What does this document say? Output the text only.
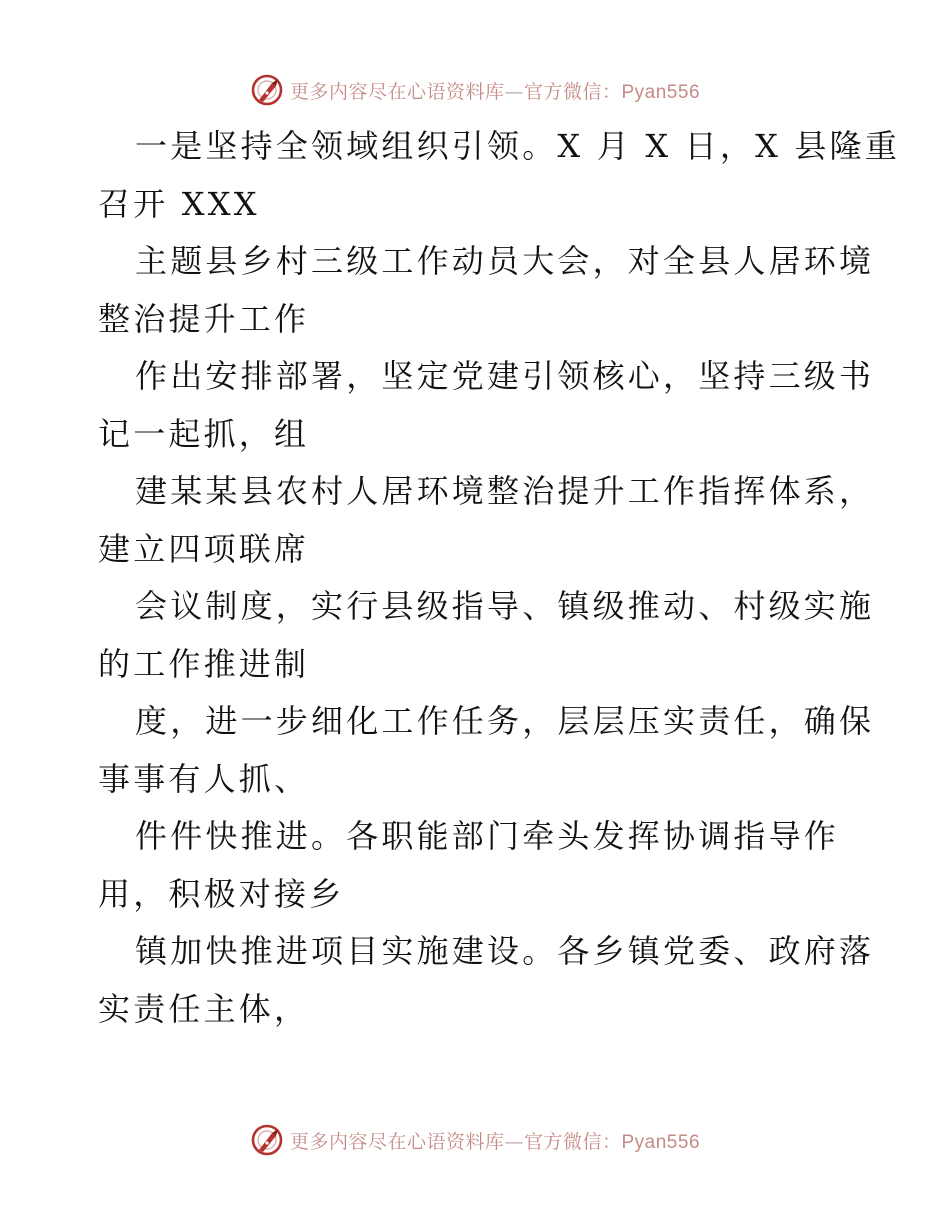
更多内容尽在心语资料库—官方微信：Pyan556
一是坚持全领域组织引领。X 月 X 日，X 县隆重
召开 XXX
主题县乡村三级工作动员大会，对全县人居环境
整治提升工作
作出安排部署，坚定党建引领核心，坚持三级书
记一起抓，组
建某某县农村人居环境整治提升工作指挥体系，
建立四项联席
会议制度，实行县级指导、镇级推动、村级实施
的工作推进制
度，进一步细化工作任务，层层压实责任，确保
事事有人抓、
件件快推进。各职能部门牵头发挥协调指导作
用，积极对接乡
镇加快推进项目实施建设。各乡镇党委、政府落
实责任主体，
更多内容尽在心语资料库—官方微信：Pyan556
